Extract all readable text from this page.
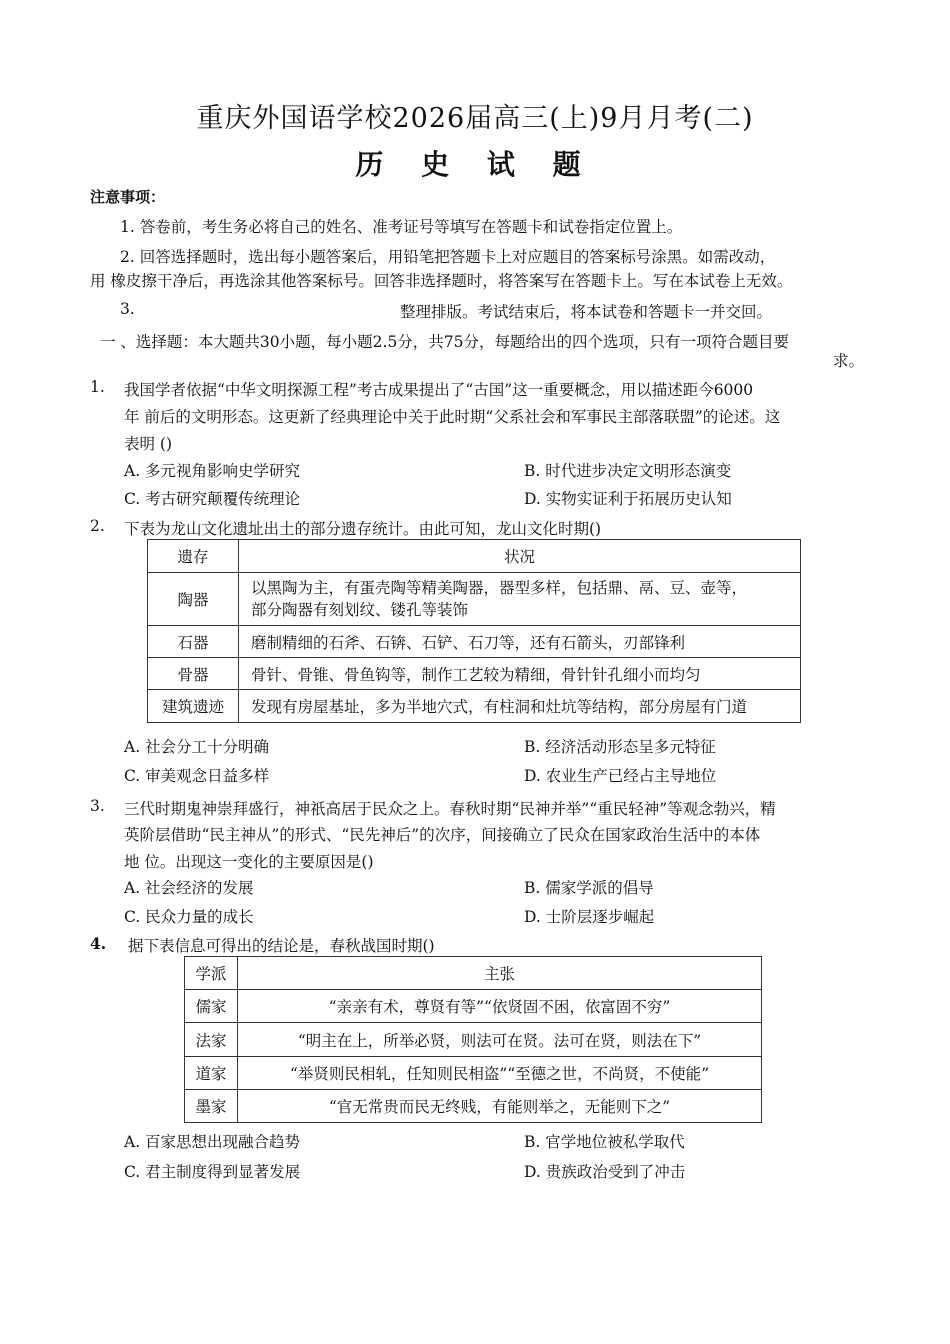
重庆外国语学校2026届高三(上)9月月考(二)
历 史 试 题
注意事项：
1. 答卷前，考生务必将自己的姓名、准考证号等填写在答题卡和试卷指定位置上。
2. 回答选择题时，选出每小题答案后，用铅笔把答题卡上对应题目的答案标号涂黑。如需改动，
用 橡皮擦干净后，再选涂其他答案标号。回答非选择题时，将答案写在答题卡上。写在本试卷上无效。
3.	整理排版。考试结束后，将本试卷和答题卡一并交回。
一 、选择题：本大题共30小题，每小题2.5分，共75分，每题给出的四个选项，只有一项符合题目要
求。
1. 我国学者依据“中华文明探源工程”考古成果提出了“古国”这一重要概念，用以描述距今6000
年 前后的文明形态。这更新了经典理论中关于此时期“父系社会和军事民主部落联盟”的论述。这
表明 ()
A. 多元视角影响史学研究	B. 时代进步决定文明形态演变
C. 考古研究颠覆传统理论	D. 实物实证利于拓展历史认知
2. 下表为龙山文化遗址出土的部分遗存统计。由此可知，龙山文化时期()
遗存	状况
陶器	以黑陶为主，有蛋壳陶等精美陶器，器型多样，包括鼎、鬲、豆、壶等，
部分陶器有刻划纹、镂孔等装饰

石器	磨制精细的石斧、石锛、石铲、石刀等，还有石箭头，刃部锋利
骨器	骨针、骨锥、骨鱼钩等，制作工艺较为精细，骨针针孔细小而均匀
建筑遗迹	发现有房屋基址，多为半地穴式，有柱洞和灶坑等结构，部分房屋有门道
A. 社会分工十分明确	B. 经济活动形态呈多元特征
C. 审美观念日益多样	D. 农业生产已经占主导地位
3. 三代时期鬼神崇拜盛行，神祇高居于民众之上。春秋时期“民神并举”“重民轻神”等观念勃兴，精
英阶层借助“民主神从”的形式、“民先神后”的次序，间接确立了民众在国家政治生活中的本体
地 位。出现这一变化的主要原因是()
A. 社会经济的发展	B. 儒家学派的倡导
C. 民众力量的成长	D. 士阶层逐步崛起
4. 据下表信息可得出的结论是，春秋战国时期()
学派	主张
儒家	“亲亲有术，尊贤有等”“依贤固不困，依富固不穷”
法家	“明主在上，所举必贤，则法可在贤。法可在贤，则法在下”
道家	“举贤则民相轧，任知则民相盗”“至德之世，不尚贤，不使能”
墨家	“官无常贵而民无终贱，有能则举之，无能则下之”
A. 百家思想出现融合趋势	B. 官学地位被私学取代
C. 君主制度得到显著发展	D. 贵族政治受到了冲击
